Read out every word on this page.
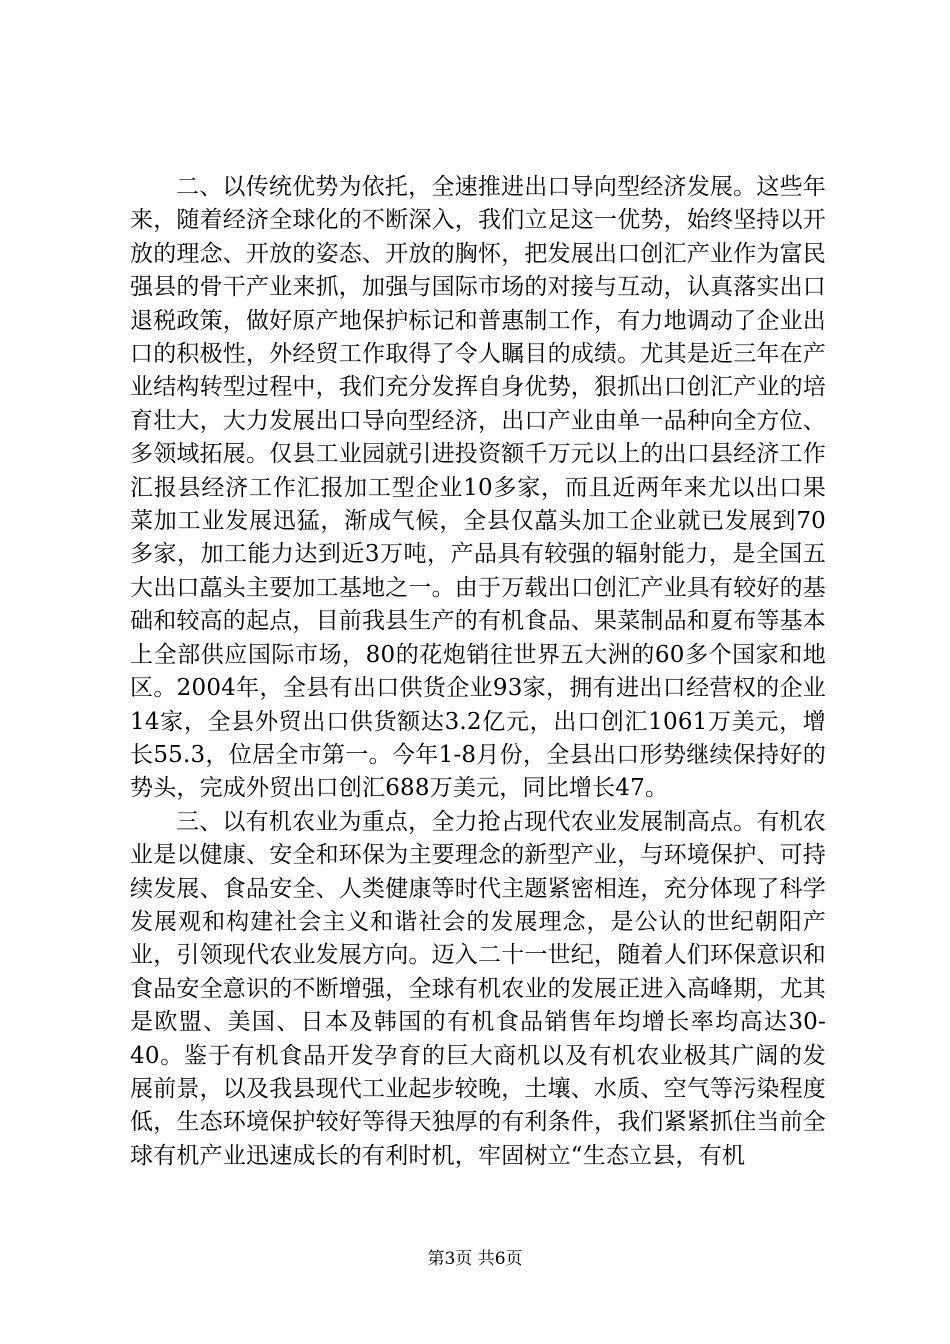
二、以传统优势为依托，全速推进出口导向型经济发展。这些年来，随着经济全球化的不断深入，我们立足这一优势，始终坚持以开放的理念、开放的姿态、开放的胸怀，把发展出口创汇产业作为富民强县的骨干产业来抓，加强与国际市场的对接与互动，认真落实出口退税政策，做好原产地保护标记和普惠制工作，有力地调动了企业出口的积极性，外经贸工作取得了令人瞩目的成绩。尤其是近三年在产业结构转型过程中，我们充分发挥自身优势，狠抓出口创汇产业的培育壮大，大力发展出口导向型经济，出口产业由单一品种向全方位、多领域拓展。仅县工业园就引进投资额千万元以上的出口县经济工作汇报县经济工作汇报加工型企业10多家，而且近两年来尤以出口果菜加工业发展迅猛，渐成气候，全县仅藠头加工企业就已发展到70多家，加工能力达到近3万吨，产品具有较强的辐射能力，是全国五大出口藠头主要加工基地之一。由于万载出口创汇产业具有较好的基础和较高的起点，目前我县生产的有机食品、果菜制品和夏布等基本上全部供应国际市场，80的花炮销往世界五大洲的60多个国家和地区。2004年，全县有出口供货企业93家，拥有进出口经营权的企业14家，全县外贸出口供货额达3.2亿元，出口创汇1061万美元，增长55.3，位居全市第一。今年1-8月份，全县出口形势继续保持好的势头，完成外贸出口创汇688万美元，同比增长47。

三、以有机农业为重点，全力抢占现代农业发展制高点。有机农业是以健康、安全和环保为主要理念的新型产业，与环境保护、可持续发展、食品安全、人类健康等时代主题紧密相连，充分体现了科学发展观和构建社会主义和谐社会的发展理念，是公认的世纪朝阳产业，引领现代农业发展方向。迈入二十一世纪，随着人们环保意识和食品安全意识的不断增强，全球有机农业的发展正进入高峰期，尤其是欧盟、美国、日本及韩国的有机食品销售年均增长率均高达30-40。鉴于有机食品开发孕育的巨大商机以及有机农业极其广阔的发展前景，以及我县现代工业起步较晚，土壤、水质、空气等污染程度低，生态环境保护较好等得天独厚的有利条件，我们紧紧抓住当前全球有机产业迅速成长的有利时机，牢固树立“生态立县，有机

第3页 共6页
